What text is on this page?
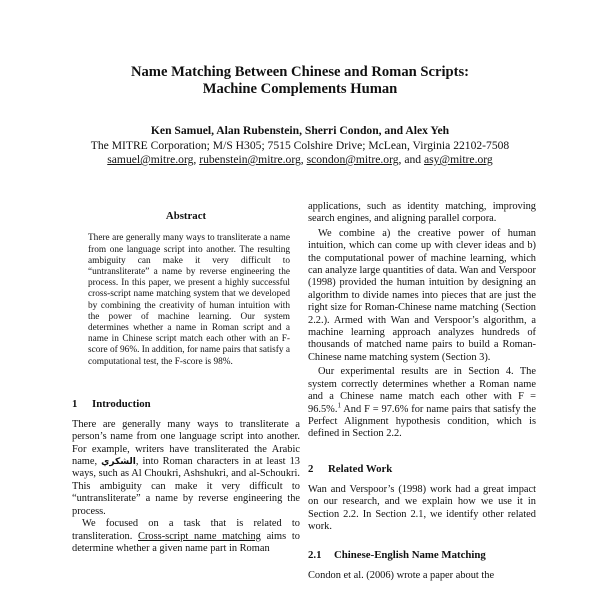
Name Matching Between Chinese and Roman Scripts:
Machine Complements Human
Ken Samuel, Alan Rubenstein, Sherri Condon, and Alex Yeh
The MITRE Corporation; M/S H305; 7515 Colshire Drive; McLean, Virginia 22102-7508
samuel@mitre.org, rubenstein@mitre.org, scondon@mitre.org, and asy@mitre.org
Abstract
There are generally many ways to transliterate a name from one language script into another. The resulting ambiguity can make it very difficult to “untransliterate” a name by reverse engineering the process. In this paper, we present a highly successful cross-script name matching system that we developed by combining the creativity of human intuition with the power of machine learning. Our system determines whether a name in Roman script and a name in Chinese script match each other with an F-score of 96%. In addition, for name pairs that satisfy a computational test, the F-score is 98%.
1 Introduction

There are generally many ways to transliterate a person’s name from one language script into another. For example, writers have transliterated the Arabic name, الشكري, into Roman characters in at least 13 ways, such as Al Choukri, Ashshukri, and al-Schoukri. This ambiguity can make it very difficult to “untransliterate” a name by reverse engineering the process.

We focused on a task that is related to transliteration. Cross-script name matching aims to determine whether a given name part in Roman

applications, such as identity matching, improving search engines, and aligning parallel corpora.

We combine a) the creative power of human intuition, which can come up with clever ideas and b) the computational power of machine learning, which can analyze large quantities of data. Wan and Verspoor (1998) provided the human intuition by designing an algorithm to divide names into pieces that are just the right size for Roman-Chinese name matching (Section 2.2.). Armed with Wan and Verspoor’s algorithm, a machine learning approach analyzes hundreds of thousands of matched name pairs to build a Roman-Chinese name matching system (Section 3).

Our experimental results are in Section 4. The system correctly determines whether a Roman name and a Chinese name match each other with F = 96.5%.$^1$ And F = 97.6% for name pairs that satisfy the Perfect Alignment hypothesis condition, which is defined in Section 2.2.

2 Related Work

Wan and Verspoor’s (1998) work had a great impact on our research, and we explain how we use it in Section 2.2. In Section 2.1, we identify other related work.

2.1 Chinese-English Name Matching

Condon et al. (2006) wrote a paper about the
